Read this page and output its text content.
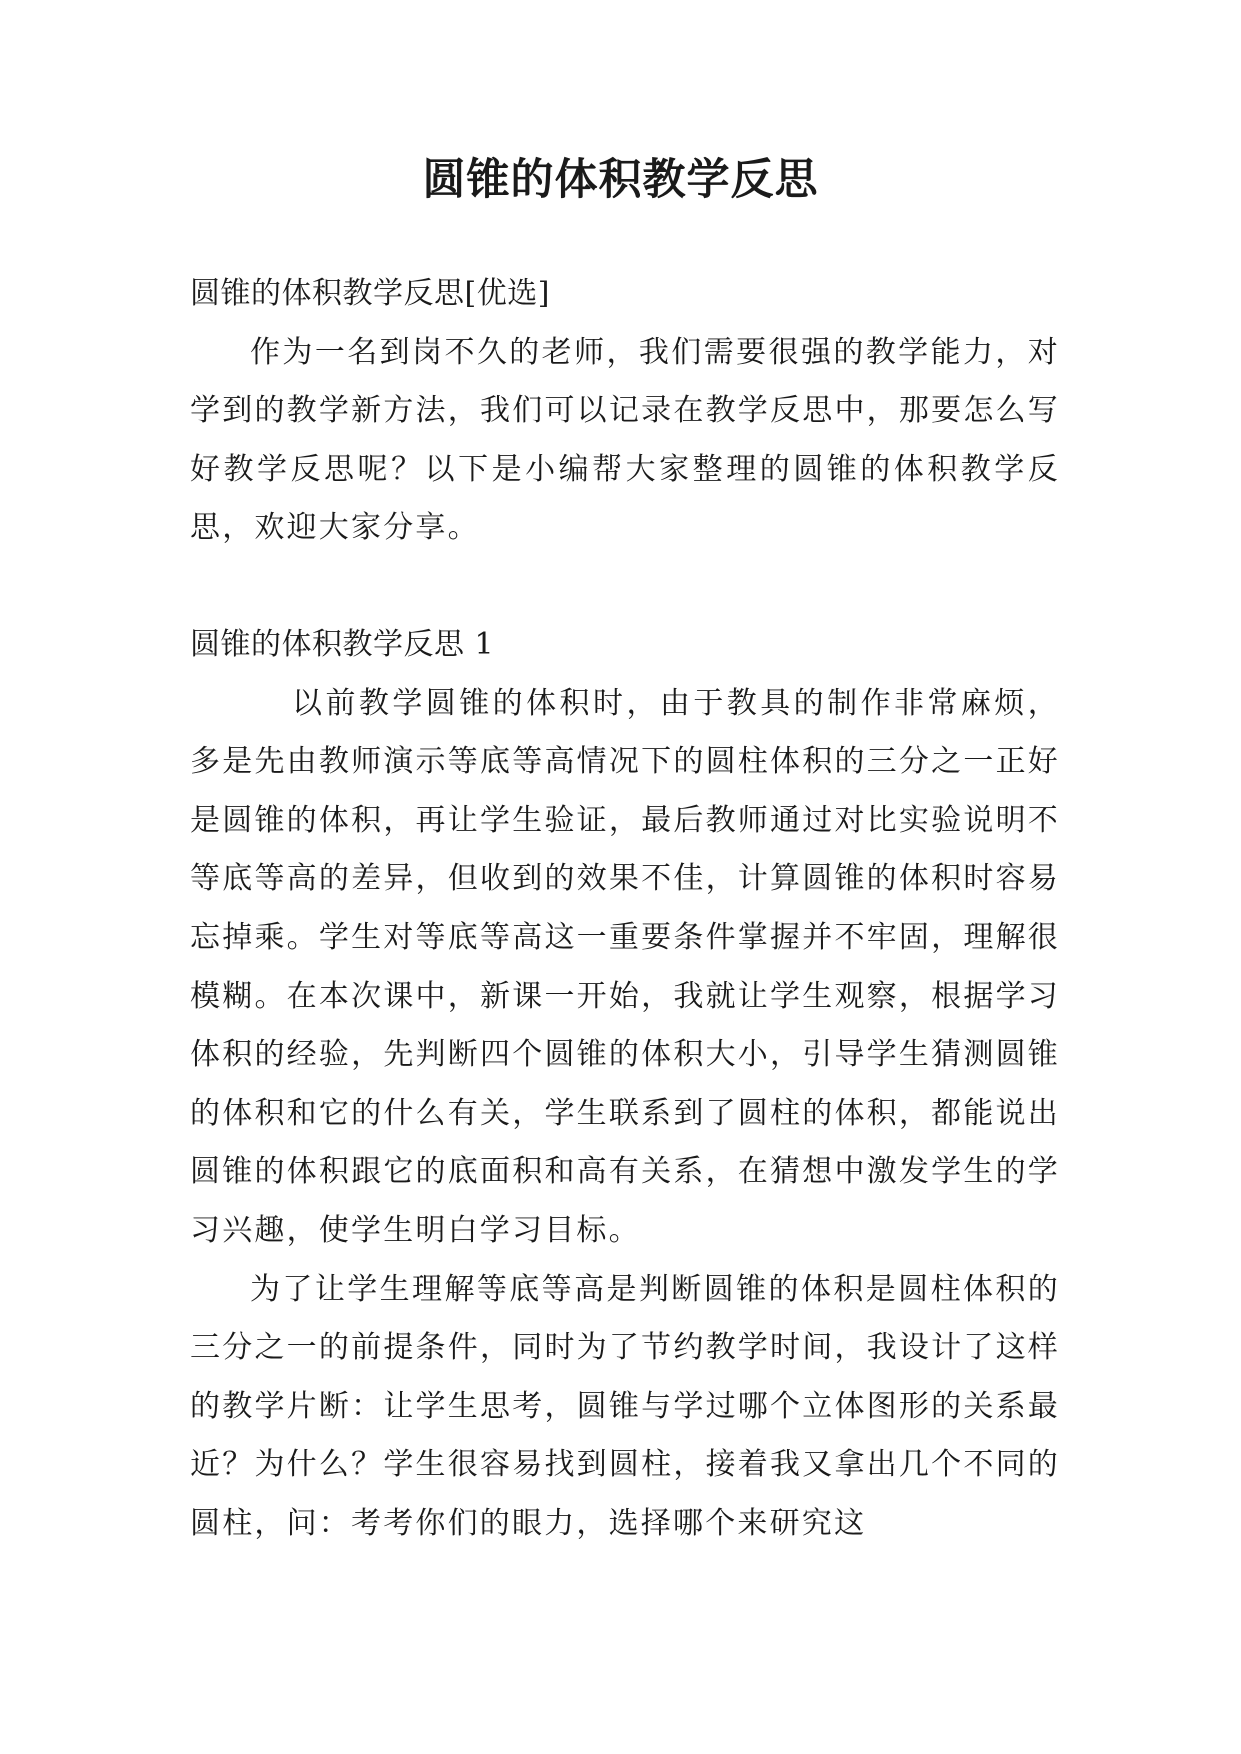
圆锥的体积教学反思

圆锥的体积教学反思[优选]

作为一名到岗不久的老师，我们需要很强的教学能力，对学到的教学新方法，我们可以记录在教学反思中，那要怎么写好教学反思呢？以下是小编帮大家整理的圆锥的体积教学反思，欢迎大家分享。

圆锥的体积教学反思 1

以前教学圆锥的体积时，由于教具的制作非常麻烦，多是先由教师演示等底等高情况下的圆柱体积的三分之一正好是圆锥的体积，再让学生验证，最后教师通过对比实验说明不等底等高的差异，但收到的效果不佳，计算圆锥的体积时容易忘掉乘。学生对等底等高这一重要条件掌握并不牢固，理解很模糊。在本次课中，新课一开始，我就让学生观察，根据学习体积的经验，先判断四个圆锥的体积大小，引导学生猜测圆锥的体积和它的什么有关，学生联系到了圆柱的体积，都能说出圆锥的体积跟它的底面积和高有关系，在猜想中激发学生的学习兴趣，使学生明白学习目标。

为了让学生理解等底等高是判断圆锥的体积是圆柱体积的三分之一的前提条件，同时为了节约教学时间，我设计了这样的教学片断：让学生思考，圆锥与学过哪个立体图形的关系最近？为什么？学生很容易找到圆柱，接着我又拿出几个不同的圆柱，问：考考你们的眼力，选择哪个来研究这
